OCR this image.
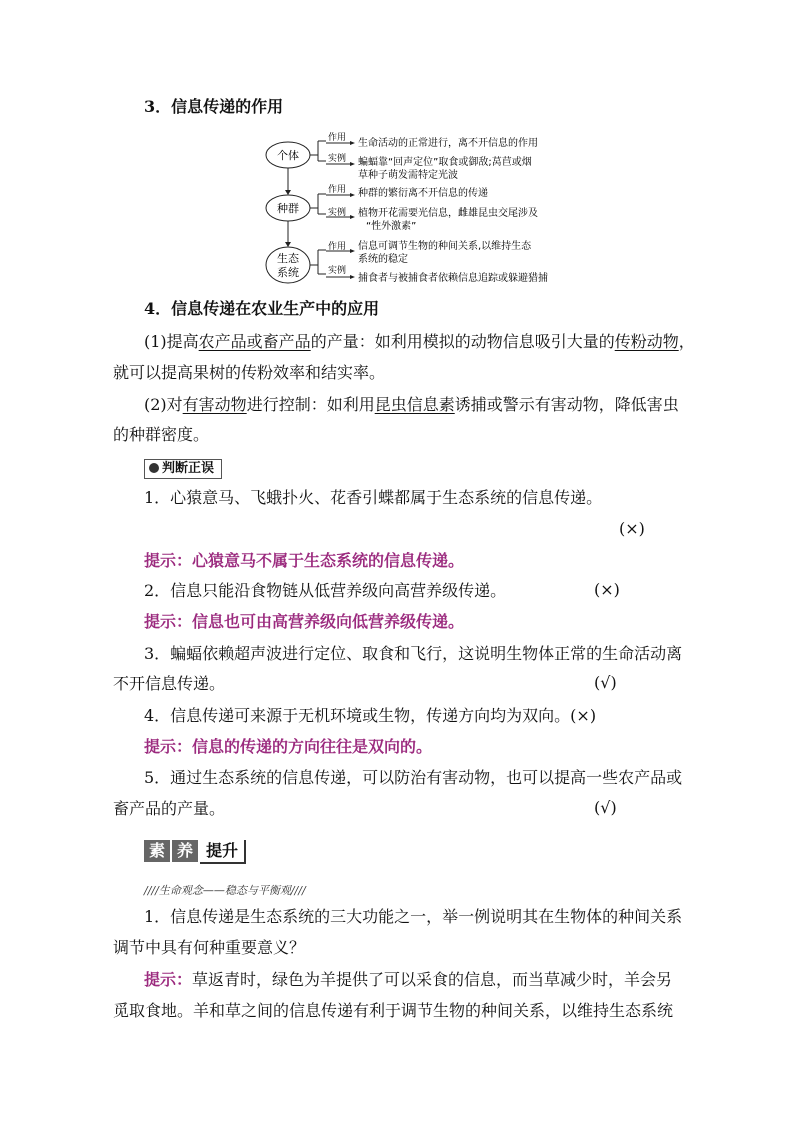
3．信息传递的作用
个体
作用 生命活动的正常进行，离不开信息的作用
实例 蝙蝠靠“回声定位”取食或御敌;莴苣或烟
草种子萌发需特定光波
种群
作用 种群的繁衍离不开信息的传递
实例 植物开花需要光信息，雌雄昆虫交尾涉及
“性外激素”
生态
系统
作用 信息可调节生物的种间关系,以维持生态
系统的稳定
实例
捕食者与被捕食者依赖信息追踪或躲避猎捕
4．信息传递在农业生产中的应用
(1)提高农产品或畜产品的产量：如利用模拟的动物信息吸引大量的传粉动物，
就可以提高果树的传粉效率和结实率。
(2)对有害动物进行控制：如利用昆虫信息素诱捕或警示有害动物，降低害虫
的种群密度。
判断正误
1．心猿意马、飞蛾扑火、花香引蝶都属于生态系统的信息传递。
(×)
提示：心猿意马不属于生态系统的信息传递。
2．信息只能沿食物链从低营养级向高营养级传递。	(×)
提示：信息也可由高营养级向低营养级传递。
3．蝙蝠依赖超声波进行定位、取食和飞行，这说明生物体正常的生命活动离
不开信息传递。	(√)
4．信息传递可来源于无机环境或生物，传递方向均为双向。(×)
提示：信息的传递的方向往往是双向的。
5．通过生态系统的信息传递，可以防治有害动物，也可以提高一些农产品或
畜产品的产量。	(√)
素 养 提升
////生命观念——稳态与平衡观////
1．信息传递是生态系统的三大功能之一，举一例说明其在生物体的种间关系
调节中具有何种重要意义？
提示：草返青时，绿色为羊提供了可以采食的信息，而当草减少时，羊会另
觅取食地。羊和草之间的信息传递有利于调节生物的种间关系，以维持生态系统
